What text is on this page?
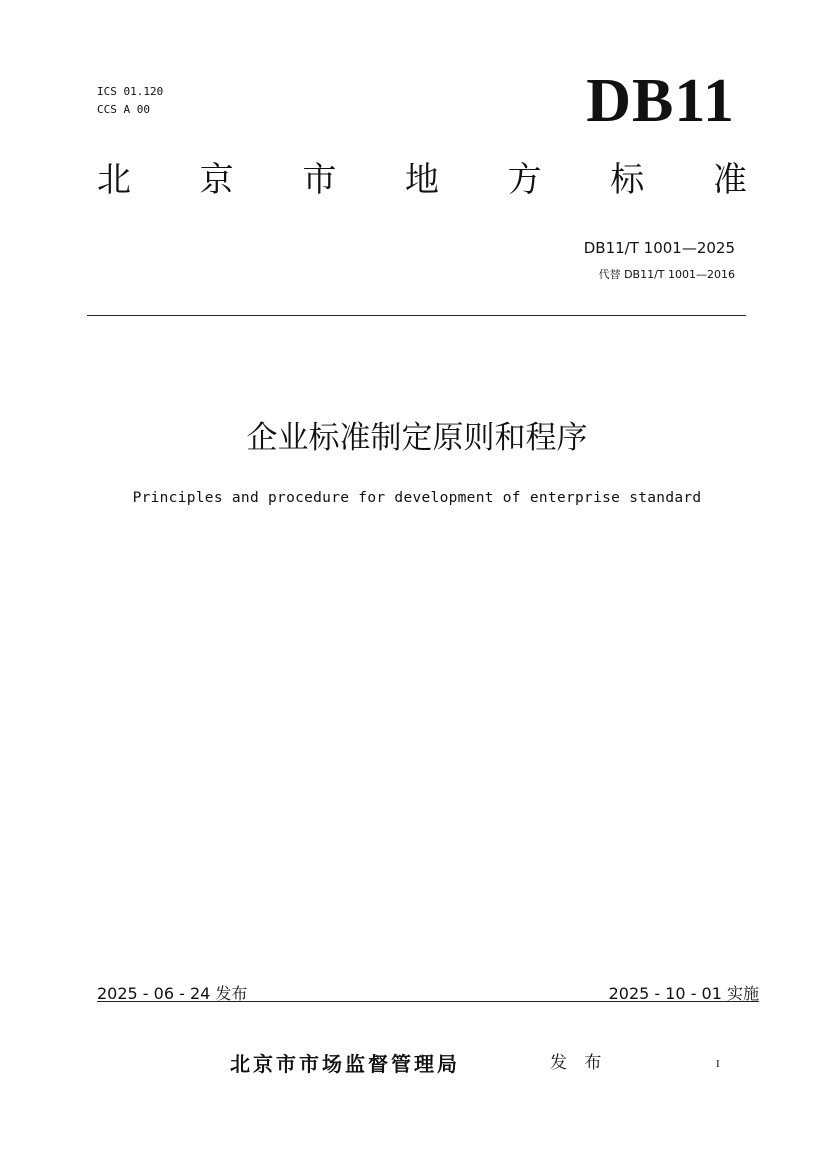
ICS 01.120
CCS A 00	DB11
北 京 市 地 方 标 准
DB11/T 1001—2025
代替 DB11/T 1001—2016
企业标准制定原则和程序
Principles and procedure for development of enterprise standard
2025 - 06 - 24 发布	2025 - 10 - 01 实施
北京市市场监督管理局	发 布	I
